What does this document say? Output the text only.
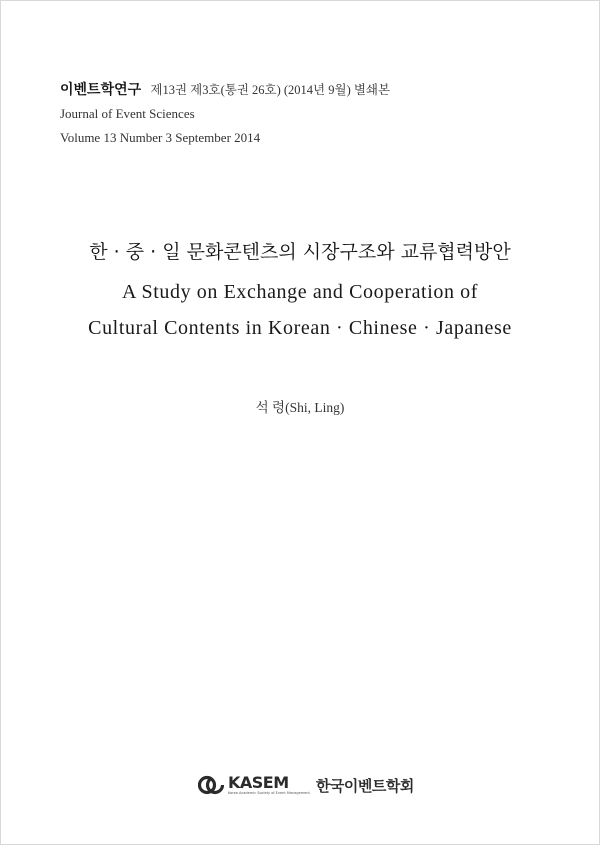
이벤트학연구 제13권 제3호(통권 26호) (2014년 9월) 별쇄본
Journal of Event Sciences
Volume 13 Number 3 September 2014
한 · 중 · 일 문화콘텐츠의 시장구조와 교류협력방안
A Study on Exchange and Cooperation of
Cultural Contents in Korean · Chinese · Japanese
석 령(Shi, Ling)
KASEM
Korea Academic Society of Event Management 한국이벤트학회
